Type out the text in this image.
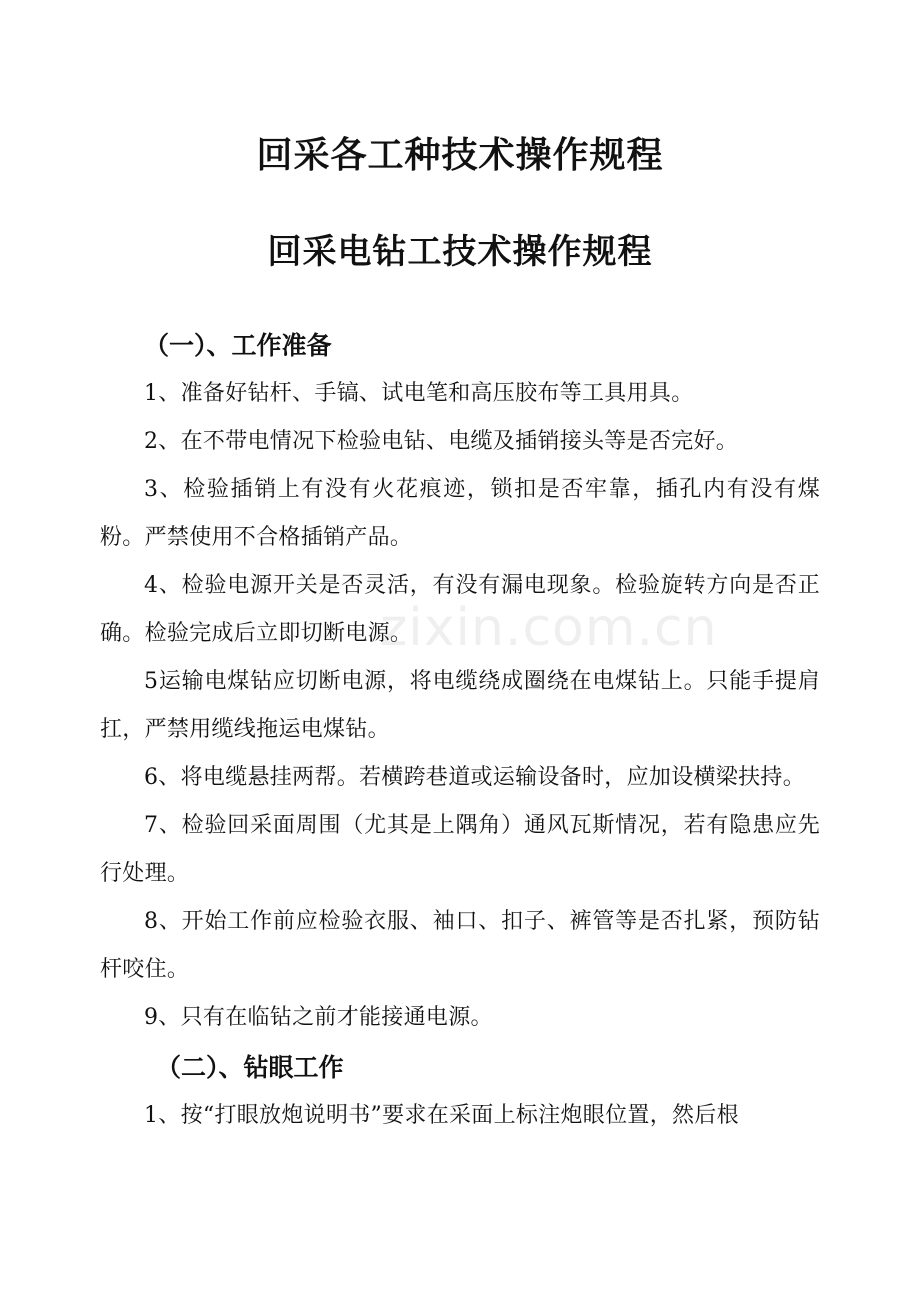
回采各工种技术操作规程
回采电钻工技术操作规程
（一）、工作准备

1、准备好钻杆、手镐、试电笔和高压胶布等工具用具。

2、在不带电情况下检验电钻、电缆及插销接头等是否完好。

3、检验插销上有没有火花痕迹，锁扣是否牢靠，插孔内有没有煤粉。严禁使用不合格插销产品。

4、检验电源开关是否灵活，有没有漏电现象。检验旋转方向是否正确。检验完成后立即切断电源。

5运输电煤钻应切断电源，将电缆绕成圈绕在电煤钻上。只能手提肩扛，严禁用缆线拖运电煤钻。

6、将电缆悬挂两帮。若横跨巷道或运输设备时，应加设横梁扶持。

7、检验回采面周围（尤其是上隅角）通风瓦斯情况，若有隐患应先行处理。

8、开始工作前应检验衣服、袖口、扣子、裤管等是否扎紧，预防钻杆咬住。

9、只有在临钻之前才能接通电源。

（二）、钻眼工作

1、按“打眼放炮说明书”要求在采面上标注炮眼位置，然后根

zixin.com.cn
